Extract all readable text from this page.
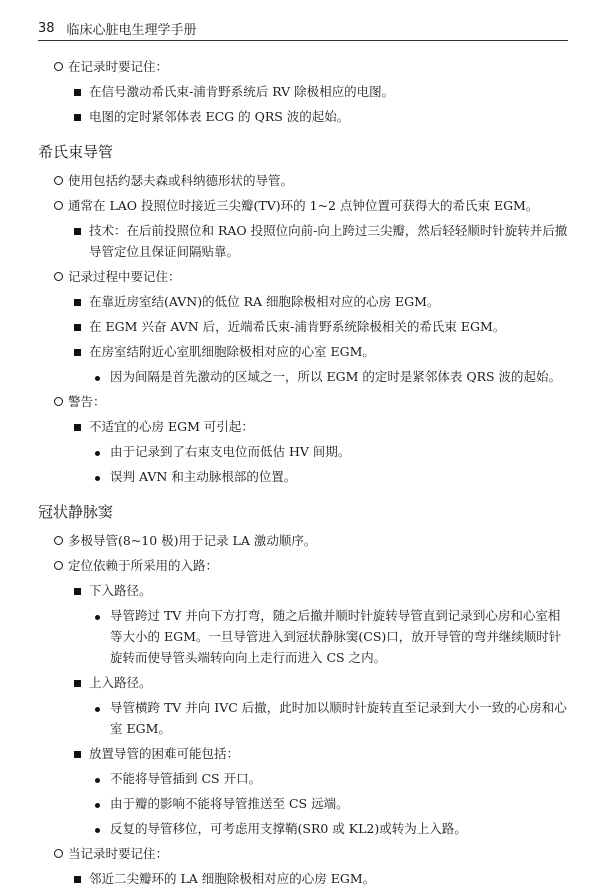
38 临床心脏电生理学手册
在记录时要记住：
在信号激动希氏束-浦肯野系统后 RV 除极相应的电图。
电图的定时紧邻体表 ECG 的 QRS 波的起始。
希氏束导管
使用包括约瑟夫森或科纳德形状的导管。
通常在 LAO 投照位时接近三尖瓣(TV)环的 1~2 点钟位置可获得大的希氏束 EGM。
技术：在后前投照位和 RAO 投照位向前-向上跨过三尖瓣，然后轻轻顺时针旋转并后撤导管定位且保证间隔贴靠。
记录过程中要记住：
在靠近房室结(AVN)的低位 RA 细胞除极相对应的心房 EGM。
在 EGM 兴奋 AVN 后，近端希氏束-浦肯野系统除极相关的希氏束 EGM。
在房室结附近心室肌细胞除极相对应的心室 EGM。
因为间隔是首先激动的区域之一，所以 EGM 的定时是紧邻体表 QRS 波的起始。
警告：
不适宜的心房 EGM 可引起：
由于记录到了右束支电位而低估 HV 间期。
误判 AVN 和主动脉根部的位置。
冠状静脉窦
多极导管(8~10 极)用于记录 LA 激动顺序。
定位依赖于所采用的入路：
下入路径。
导管跨过 TV 并向下方打弯，随之后撤并顺时针旋转导管直到记录到心房和心室相等大小的 EGM。一旦导管进入到冠状静脉窦(CS)口，放开导管的弯并继续顺时针旋转而使导管头端转向向上走行而进入 CS 之内。
上入路径。
导管横跨 TV 并向 IVC 后撤，此时加以顺时针旋转直至记录到大小一致的心房和心室 EGM。
放置导管的困难可能包括：
不能将导管插到 CS 开口。
由于瓣的影响不能将导管推送至 CS 远端。
反复的导管移位，可考虑用支撑鞘(SR0 或 KL2)或转为上入路。
当记录时要记住：
邻近二尖瓣环的 LA 细胞除极相对应的心房 EGM。
